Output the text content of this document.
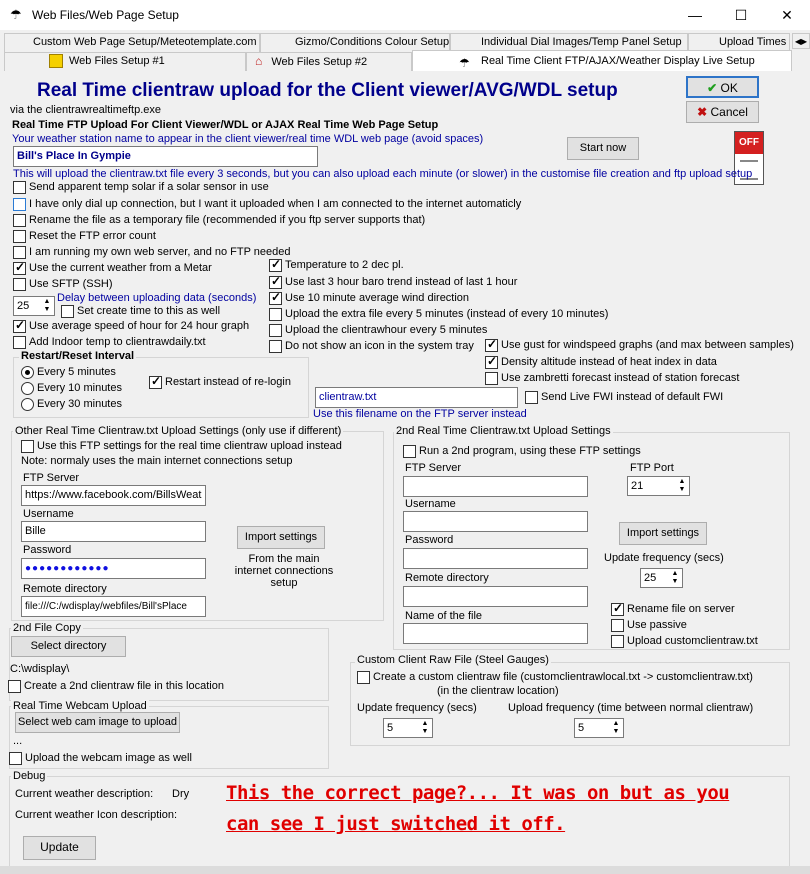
☂ Web Files/Web Page Setup	—	☐	✕
Custom Web Page Setup/Meteotemplate.com	Gizmo/Conditions Colour Setup	Individual Dial Images/Temp Panel Setup	Upload Times	◀▶
Web Files Setup #1	⌂ Web Files Setup #2	☂ Real Time Client FTP/AJAX/Weather Display Live Setup
Real Time clientraw upload for the Client viewer/AVG/WDL setup
via the clientrawrealtimeftp.exe
✔ OK
✖ Cancel
Real Time FTP Upload For Client Viewer/WDL or AJAX Real Time Web Page Setup
Your weather station name to appear in the client viewer/real time WDL web page (avoid spaces)
Bill's Place In Gympie
Start now	OFF
This will upload the clientraw.txt file every 3 seconds, but you can also upload each minute (or slower) in the customise file creation and ftp upload setup
Send apparent temp solar if a solar sensor in use
I have only dial up connection, but I want it uploaded when I am connected to the internet automaticly
Rename the file as a temporary file (recommended if you ftp server supports that)
Reset the FTP error count
I am running my own web server, and no FTP needed
✓
Use the current weather from a Metar
Use SFTP (SSH)
25	▲
▼
Delay between uploading data (seconds)
Set create time to this as well
✓
Use average speed of hour for 24 hour graph
Add Indoor temp to clientrawdaily.txt
✓
Temperature to 2 dec pl.
✓
Use last 3 hour baro trend instead of last 1 hour
✓
Use 10 minute average wind direction
Upload the extra file every 5 minutes (instead of every 10 minutes)
Upload the clientrawhour every 5 minutes
Do not show an icon in the system tray
✓ Use gust for windspeed graphs (and max between samples)
✓
Density altitude instead of heat index in data
Use zambretti forecast instead of station forecast
Restart/Reset Interval
Every 5 minutes
Every 10 minutes
Every 30 minutes
✓
Restart instead of re-login
clientraw.txt
Use this filename on the FTP server instead
Send Live FWI instead of default FWI
Other Real Time Clientraw.txt Upload Settings (only use if different)
Use this FTP settings for the real time clientraw upload instead
Note: normaly uses the main internet connections setup
FTP Server
https://www.facebook.com/BillsWeat
Username
Bille
Password
●●●●●●●●●●●●
Remote directory
file:///C:/wdisplay/webfiles/Bill'sPlace
Import settings
From the main internet connections setup
2nd Real Time Clientraw.txt Upload Settings
Run a 2nd program, using these FTP settings
FTP Server	FTP Port
21	▲
▼
Username
Password
Remote directory
Name of the file
Import settings
Update frequency (secs)
25	▲
▼
✓
Rename file on server
Use passive
Upload customclientraw.txt
2nd File Copy
Select directory
C:\wdisplay\
Create a 2nd clientraw file in this location
Real Time Webcam Upload
Select web cam image to upload
...
Upload the webcam image as well
Custom Client Raw File (Steel Gauges)
Create a custom clientraw file (customclientrawlocal.txt -> customclientraw.txt)
(in the clientraw location)
Update frequency (secs)
5	▲
▼
Upload frequency (time between normal clientraw)
5	▲
▼
Debug
Current weather description: Dry
Current weather Icon description:
Update
This the correct page?... It was on but as you
can see I just switched it off.
